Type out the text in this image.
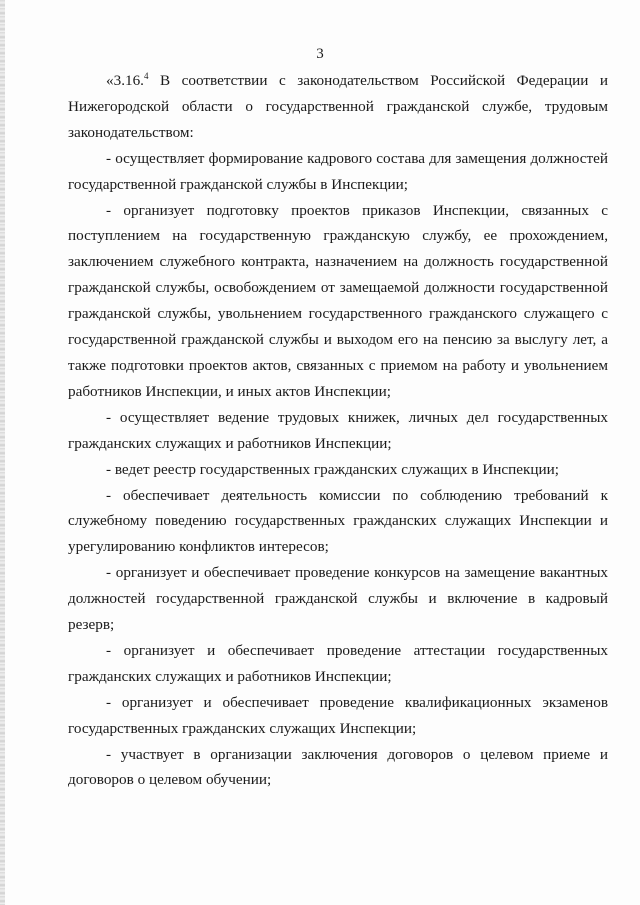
3

«3.16.$^4$ В соответствии с законодательством Российской Федерации и Нижегородской области о государственной гражданской службе, трудовым законодательством:

- осуществляет формирование кадрового состава для замещения должностей государственной гражданской службы в Инспекции;

- организует подготовку проектов приказов Инспекции, связанных с поступлением на государственную гражданскую службу, ее прохождением, заключением служебного контракта, назначением на должность государственной гражданской службы, освобождением от замещаемой должности государственной гражданской службы, увольнением государственного гражданского служащего с государственной гражданской службы и выходом его на пенсию за выслугу лет, а также подготовки проектов актов, связанных с приемом на работу и увольнением работников Инспекции, и иных актов Инспекции;

- осуществляет ведение трудовых книжек, личных дел государственных гражданских служащих и работников Инспекции;

- ведет реестр государственных гражданских служащих в Инспекции;

- обеспечивает деятельность комиссии по соблюдению требований к служебному поведению государственных гражданских служащих Инспекции и урегулированию конфликтов интересов;

- организует и обеспечивает проведение конкурсов на замещение вакантных должностей государственной гражданской службы и включение в кадровый резерв;

- организует и обеспечивает проведение аттестации государственных гражданских служащих и работников Инспекции;

- организует и обеспечивает проведение квалификационных экзаменов государственных гражданских служащих Инспекции;

- участвует в организации заключения договоров о целевом приеме и договоров о целевом обучении;
